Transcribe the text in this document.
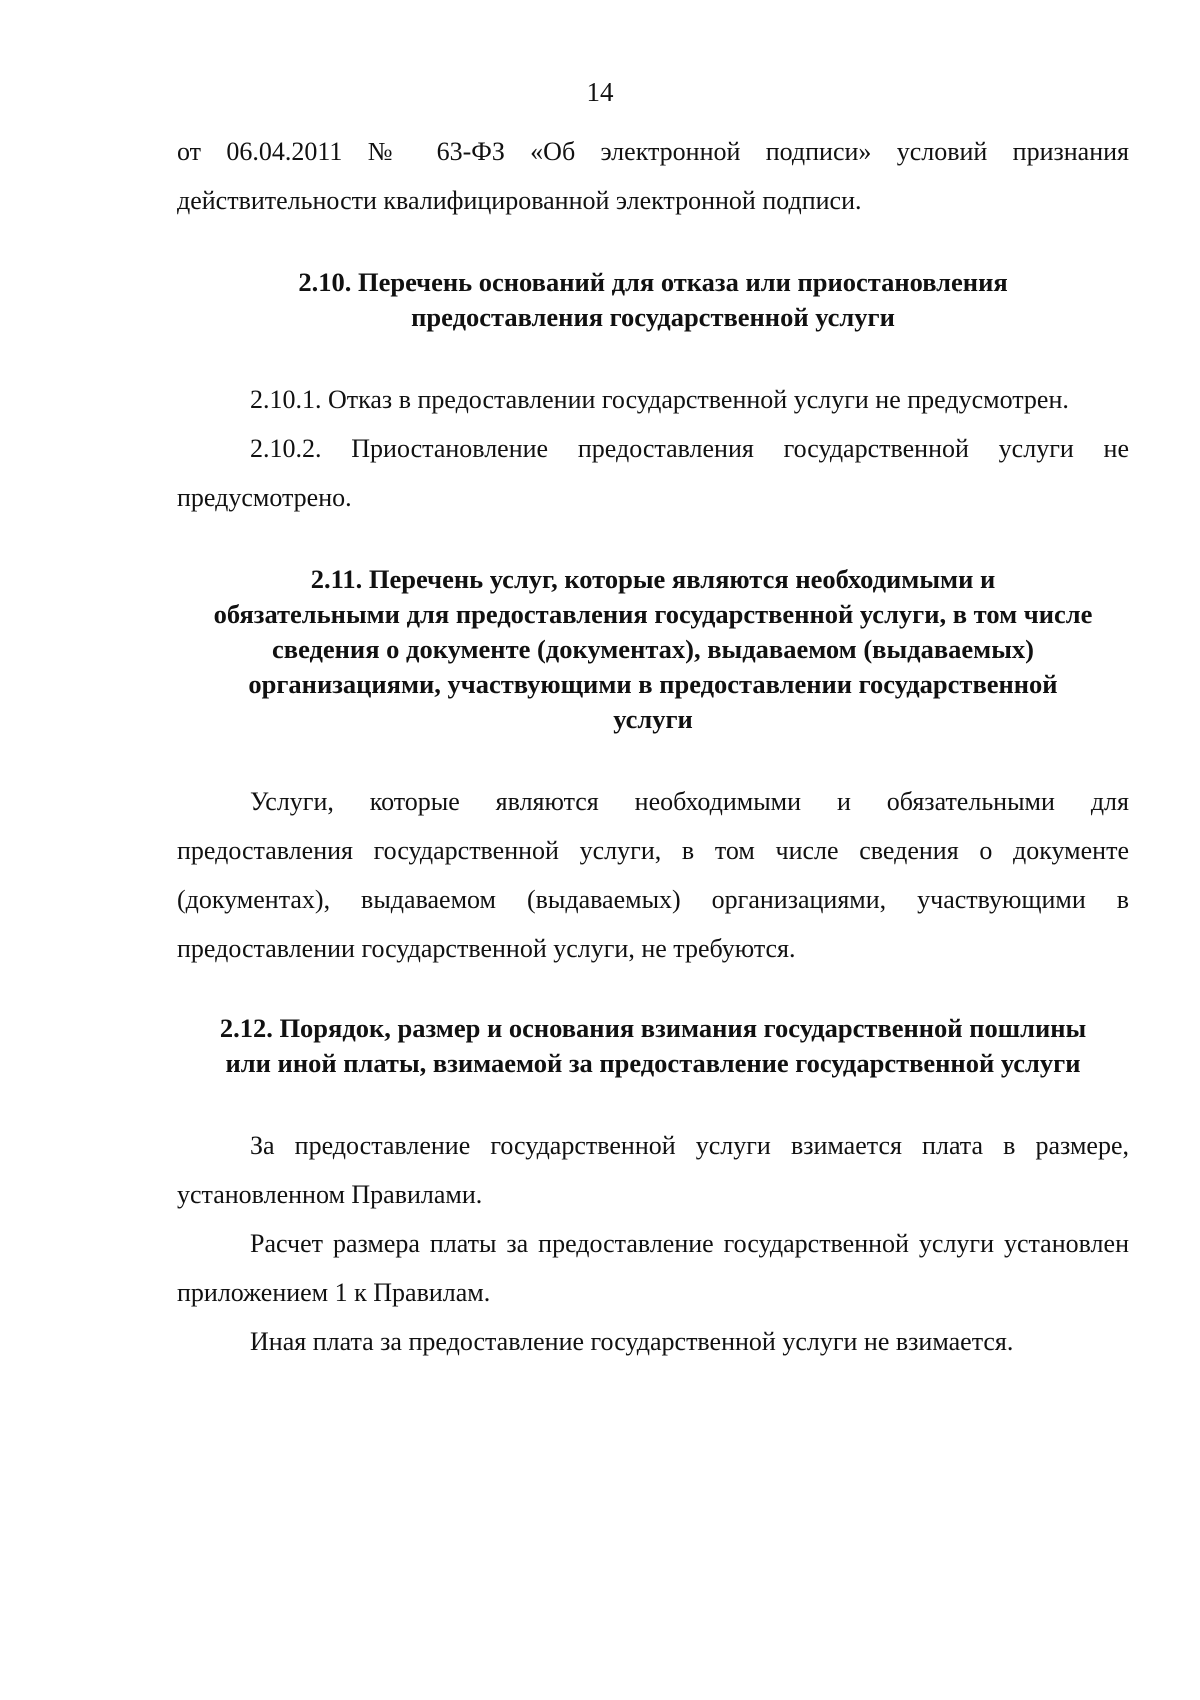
14

от 06.04.2011 № 63-ФЗ «Об электронной подписи» условий признания действительности квалифицированной электронной подписи.

2.10. Перечень оснований для отказа или приостановления
предоставления государственной услуги

2.10.1. Отказ в предоставлении государственной услуги не предусмотрен.

2.10.2. Приостановление предоставления государственной услуги не предусмотрено.

2.11. Перечень услуг, которые являются необходимыми и
обязательными для предоставления государственной услуги, в том числе
сведения о документе (документах), выдаваемом (выдаваемых)
организациями, участвующими в предоставлении государственной
услуги

Услуги, которые являются необходимыми и обязательными для предоставления государственной услуги, в том числе сведения о документе (документах), выдаваемом (выдаваемых) организациями, участвующими в предоставлении государственной услуги, не требуются.

2.12. Порядок, размер и основания взимания государственной пошлины
или иной платы, взимаемой за предоставление государственной услуги

За предоставление государственной услуги взимается плата в размере, установленном Правилами.

Расчет размера платы за предоставление государственной услуги установлен приложением 1 к Правилам.

Иная плата за предоставление государственной услуги не взимается.
